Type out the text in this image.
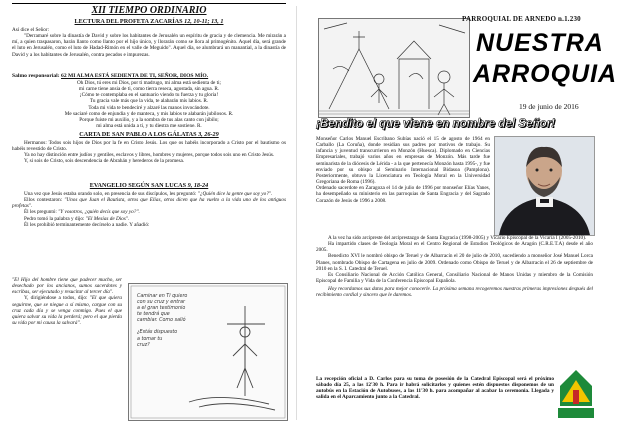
XII TIEMPO ORDINARIO
LECTURA DEL PROFETA ZACARÍAS 12, 10-11; 13, 1

Así dice el Señor:

"Derramaré sobre la dinastía de David y sobre los habitantes de Jerusalén un espíritu de gracia y de clemencia. Me mirarán a mí, a quien traspasaron, harán llanto como llanto por el hijo único, y llorarán como se llora al primogénito. Aquel día, será grande el luto en Jerusalén, como el luto de Hadad-Rimón en el valle de Meguido". Aquel día, se alumbrará un manantial, a la dinastía de David y a los habitantes de Jerusalén, contra pecados e impurezas.

Salmo responsorial: 62 MI ALMA ESTÁ SEDIENTA DE TI, SEÑOR, DIOS MÍO.

Oh Dios, tú eres mi Dios, por ti madrugo, mi alma está sedienta de ti;

mi carne tiene ansia de ti, como tierra reseca, agostada, sin agua. R.

¡Cómo te contemplaba en el santuario viendo tu fuerza y tu gloria!

Tu gracia vale más que la vida, te alabarán mis labios. R.

Toda mi vida te bendeciré y alzaré las manos invocándote.

Me saciaré como de enjundia y de manteca, y mis labios te alabarán jubilosos. R.

Porque fuiste mi auxilio, y a la sombra de tus alas canto con júbilo;

mi alma está unida a ti, y tu diestra me sostiene. R.

CARTA DE SAN PABLO A LOS GÁLATAS 3, 26-29

Hermanos: Todos sois hijos de Dios por la fe en Cristo Jesús. Los que os habéis incorporado a Cristo por el bautismo os habéis revestido de Cristo.

Ya no hay distinción entre judíos y gentiles, esclavos y libres, hombres y mujeres, porque todos sois uno en Cristo Jesús.

Y, si sois de Cristo, sois descendencia de Abrahán y herederos de la promesa.

EVANGELIO SEGÚN SAN LUCAS 9, 18-24

Una vez que Jesús estaba orando solo, en presencia de sus discípulos, les preguntó: "¿Quién dice la gente que soy yo?".

Ellos contestaron: "Unos que Juan el Bautista, otros que Elías, otros dicen que ha vuelto a la vida uno de los antiguos profetas".

Él les preguntó: "Y vosotros, ¿quién decís que soy yo?".

Pedro tomó la palabra y dijo: "El Mesías de Dios".

Él les prohibió terminantemente decírselo a nadie. Y añadió:

"El Hijo del hombre tiene que padecer mucho, ser desechado por los ancianos, sumos sacerdotes y escribas, ser ejecutado y resucitar al tercer día".

Y, dirigiéndose a todos, dijo: "El que quiera seguirme, que se niegue a sí mismo, cargue con su cruz cada día y se venga conmigo. Pues el que quiera salvar su vida la perderá; pero el que pierda su vida por mi causa la salvará".

Caminar en Ti quiero
con su cruz y entrar
a el gran testimonio
te tendrá que
cambiar. Como salió
¿Estás dispuesto
a tomar tu
cruz?
PARROQUIAL DE ARNEDO n.1.230
NUESTRA
ARROQUIA
19 de junio de 2016
¡Bendito el que viene en nombre del Señor!

Monseñor Carlos Manuel Escribano Subías nació el 15 de agosto de 1964 en Carballo (La Coruña), donde residían sus padres por motivos de trabajo. Su infancia y juventud transcurrieron en Monzón (Huesca). Diplomado en Ciencias Empresariales, trabajó varios años en empresas de Monzón. Más tarde fue seminarista de la diócesis de Lérida - a la que pertenecía Monzón hasta 1995-, y fue enviado por su obispo al Seminario Internacional Bidasoa (Pamplona). Posteriormente, obtuvo la Licenciatura en Teología Moral en la Universidad Gregoriana de Roma (1996).

Ordenado sacerdote en Zaragoza el 14 de julio de 1996 por monseñor Elías Yanes, ha desempeñado su ministerio en las parroquias de Santa Engracia y del Sagrado Corazón de Jesús de 1996 a 2008.

A la vez ha sido arcipreste del arciprestazgo de Santa Engracia (1998-2005) y Vicario Episcopal de la Vicaría I (2005-2010).

Ha impartido clases de Teología Moral en el Centro Regional de Estudios Teológicos de Aragón (C.R.E.T.A) desde el año 2005.

Benedicto XVI le nombró obispo de Teruel y de Albarracín el 20 de julio de 2010, sucediendo a monseñor José Manuel Lorca Planes, nombrado Obispo de Cartagena en julio de 2009. Ordenado como Obispo de Teruel y de Albarracín el 26 de septiembre de 2010 en la S. I. Catedral de Teruel.

Es Consiliario Nacional de Acción Católica General, Consiliario Nacional de Manos Unidas y miembro de la Comisión Episcopal de Familia y Vida de la Conferencia Episcopal Española.

Hoy recordamos sus datos para mejor conocerle. La próxima semana recogeremos nuestras primeras impresiones después del recibimiento cordial y sincero que le daremos.

La recepción oficial a D. Carlos para su toma de posesión de la Catedral Episcopal será el próximo sábado día 25, a las 12'30 h. Para ir habrá solicitarlos y quienes estén dispuestos disponemos de un autobús en la Estación de Autobuses, a las 11'30 h. para acompañar al acabar la ceremonia. Llegada y salida en el Aparcamiento junto a la Catedral.
